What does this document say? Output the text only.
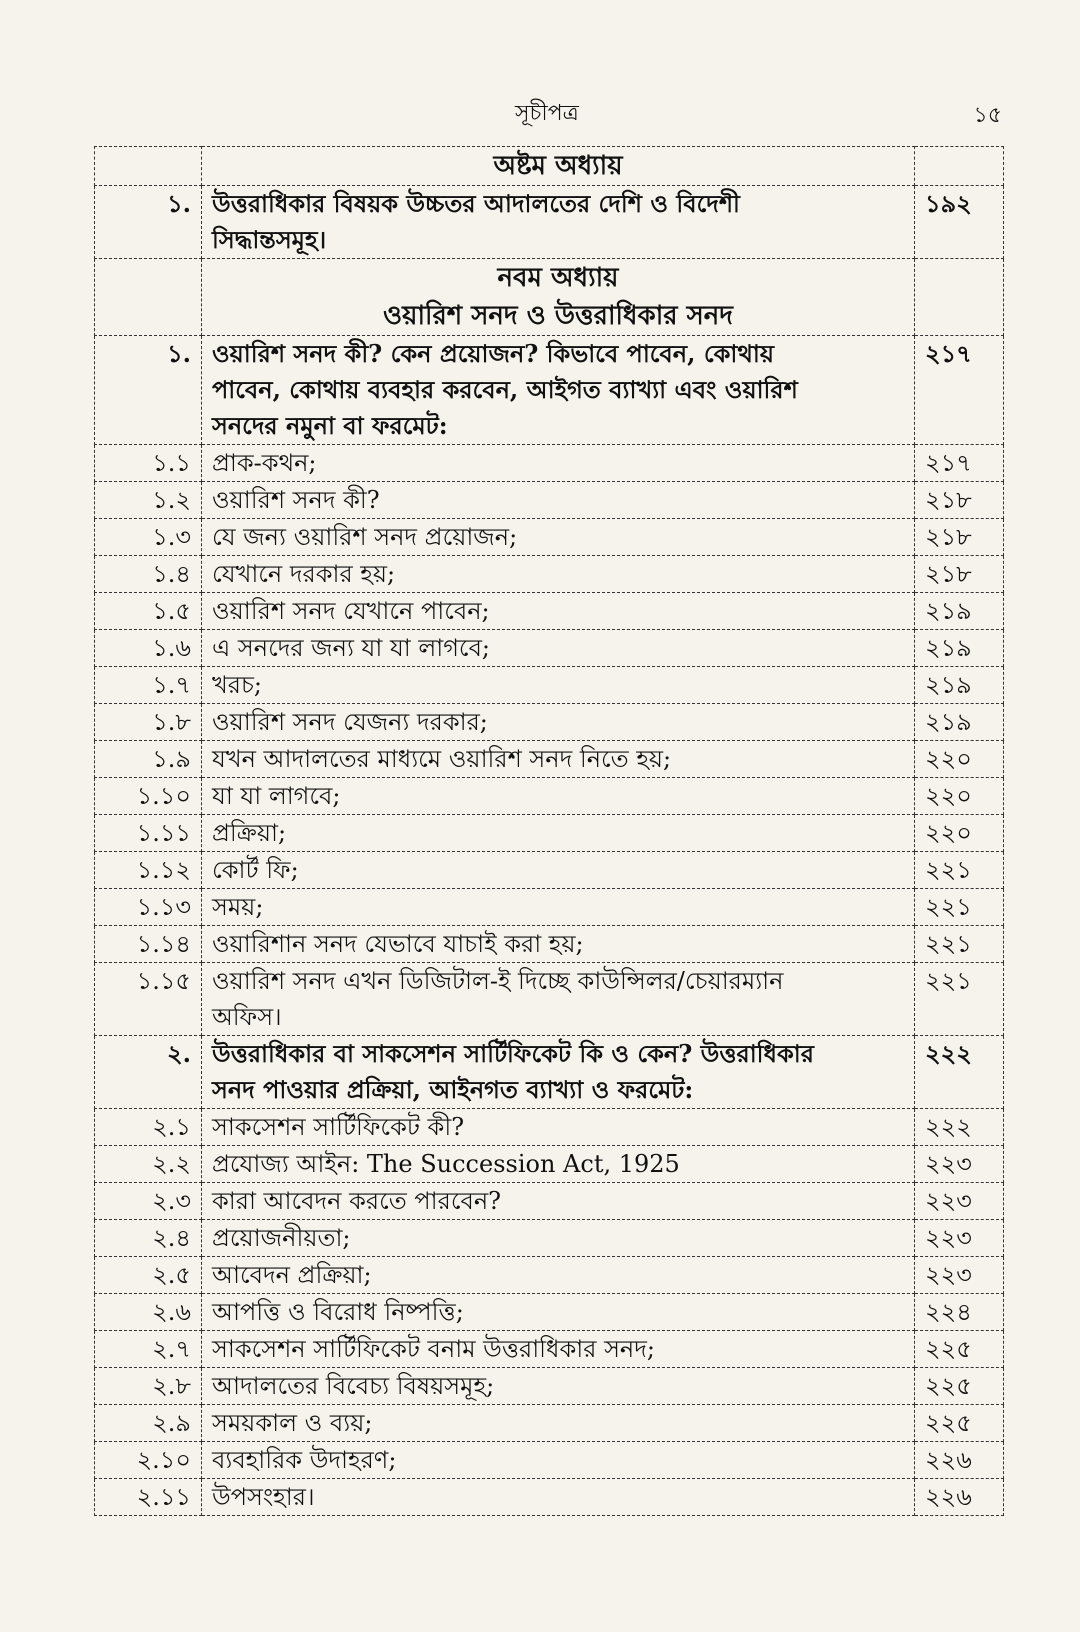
সূচীপত্র	১৫
	অষ্টম অধ্যায়	
১.	উত্তরাধিকার বিষয়ক উচ্চতর আদালতের দেশি ও বিদেশী
সিদ্ধান্তসমূহ।	১৯২

	নবম অধ্যায়
ওয়ারিশ সনদ ও উত্তরাধিকার সনদ	

১.	ওয়ারিশ সনদ কী? কেন প্রয়োজন? কিভাবে পাবেন, কোথায়
পাবেন, কোথায় ব্যবহার করবেন, আইগত ব্যাখ্যা এবং ওয়ারিশ
সনদের নমুনা বা ফরমেট:	২১৭
১.১	প্রাক-কথন;	২১৭
১.২	ওয়ারিশ সনদ কী?	২১৮
১.৩	যে জন্য ওয়ারিশ সনদ প্রয়োজন;	২১৮
১.৪	যেখানে দরকার হয়;	২১৮
১.৫	ওয়ারিশ সনদ যেখানে পাবেন;	২১৯
১.৬	এ সনদের জন্য যা যা লাগবে;	২১৯
১.৭	খরচ;	২১৯
১.৮	ওয়ারিশ সনদ যেজন্য দরকার;	২১৯
১.৯	যখন আদালতের মাধ্যমে ওয়ারিশ সনদ নিতে হয়;	২২০
১.১০	যা যা লাগবে;	২২০
১.১১	প্রক্রিয়া;	২২০
১.১২	কোর্ট ফি;	২২১
১.১৩	সময়;	২২১
১.১৪	ওয়ারিশান সনদ যেভাবে যাচাই করা হয়;	২২১
১.১৫	ওয়ারিশ সনদ এখন ডিজিটাল-ই দিচ্ছে কাউন্সিলর/চেয়ারম্যান
অফিস।	২২১
২.	উত্তরাধিকার বা সাকসেশন সার্টিফিকেট কি ও কেন? উত্তরাধিকার
সনদ পাওয়ার প্রক্রিয়া, আইনগত ব্যাখ্যা ও ফরমেট:	২২২
২.১	সাকসেশন সার্টিফিকেট কী?	২২২
২.২	প্রযোজ্য আইন: The Succession Act, 1925	২২৩
২.৩	কারা আবেদন করতে পারবেন?	২২৩
২.৪	প্রয়োজনীয়তা;	২২৩
২.৫	আবেদন প্রক্রিয়া;	২২৩
২.৬	আপত্তি ও বিরোধ নিষ্পত্তি;	২২৪
২.৭	সাকসেশন সার্টিফিকেট বনাম উত্তরাধিকার সনদ;	২২৫
২.৮	আদালতের বিবেচ্য বিষয়সমূহ;	২২৫
২.৯	সময়কাল ও ব্যয়;	২২৫
২.১০	ব্যবহারিক উদাহরণ;	২২৬
২.১১	উপসংহার।	২২৬
